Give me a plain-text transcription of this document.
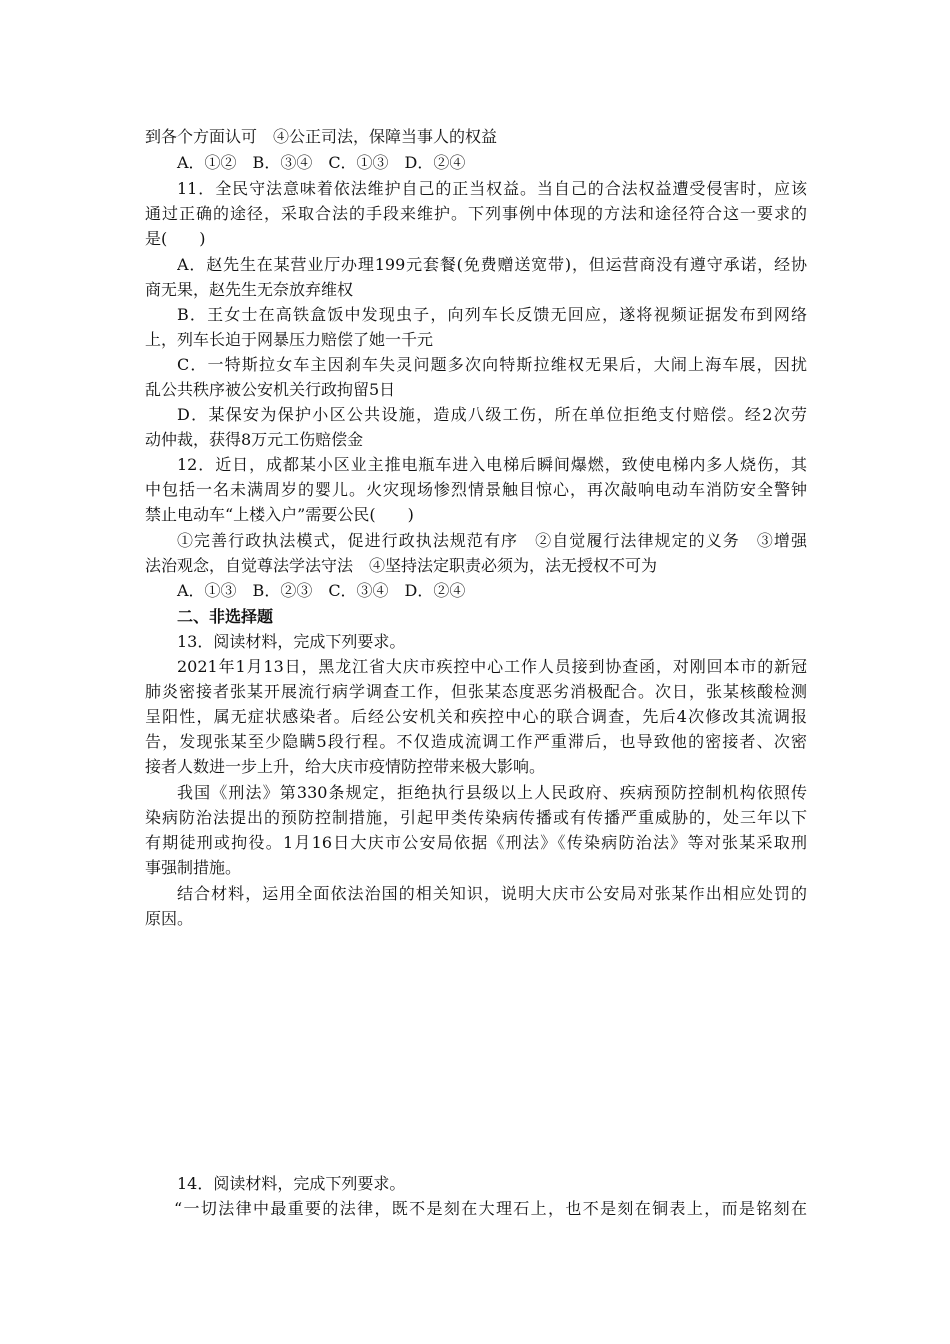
到各个方面认可　④公正司法，保障当事人的权益
A．①②　B．③④　C．①③　D．②④
11．全民守法意味着依法维护自己的正当权益。当自己的合法权益遭受侵害时，应该
通过正确的途径，采取合法的手段来维护。下列事例中体现的方法和途径符合这一要求的
是(　　)
A．赵先生在某营业厅办理199元套餐(免费赠送宽带)，但运营商没有遵守承诺，经协
商无果，赵先生无奈放弃维权
B．王女士在高铁盒饭中发现虫子，向列车长反馈无回应，遂将视频证据发布到网络
上，列车长迫于网暴压力赔偿了她一千元
C．一特斯拉女车主因刹车失灵问题多次向特斯拉维权无果后，大闹上海车展，因扰
乱公共秩序被公安机关行政拘留5日
D．某保安为保护小区公共设施，造成八级工伤，所在单位拒绝支付赔偿。经2次劳
动仲裁，获得8万元工伤赔偿金
12．近日，成都某小区业主推电瓶车进入电梯后瞬间爆燃，致使电梯内多人烧伤，其
中包括一名未满周岁的婴儿。火灾现场惨烈情景触目惊心，再次敲响电动车消防安全警钟
禁止电动车“上楼入户”需要公民(　　)
①完善行政执法模式，促进行政执法规范有序　②自觉履行法律规定的义务　③增强
法治观念，自觉尊法学法守法　④坚持法定职责必须为，法无授权不可为
A．①③　B．②③　C．③④　D．②④
二、非选择题
13．阅读材料，完成下列要求。
2021年1月13日，黑龙江省大庆市疾控中心工作人员接到协查函，对刚回本市的新冠
肺炎密接者张某开展流行病学调查工作，但张某态度恶劣消极配合。次日，张某核酸检测
呈阳性，属无症状感染者。后经公安机关和疾控中心的联合调查，先后4次修改其流调报
告，发现张某至少隐瞒5段行程。不仅造成流调工作严重滞后，也导致他的密接者、次密
接者人数进一步上升，给大庆市疫情防控带来极大影响。
我国《刑法》第330条规定，拒绝执行县级以上人民政府、疾病预防控制机构依照传
染病防治法提出的预防控制措施，引起甲类传染病传播或有传播严重威胁的，处三年以下
有期徒刑或拘役。1月16日大庆市公安局依据《刑法》《传染病防治法》等对张某采取刑
事强制措施。
结合材料，运用全面依法治国的相关知识，说明大庆市公安局对张某作出相应处罚的
原因。
14．阅读材料，完成下列要求。
“一切法律中最重要的法律，既不是刻在大理石上，也不是刻在铜表上，而是铭刻在
